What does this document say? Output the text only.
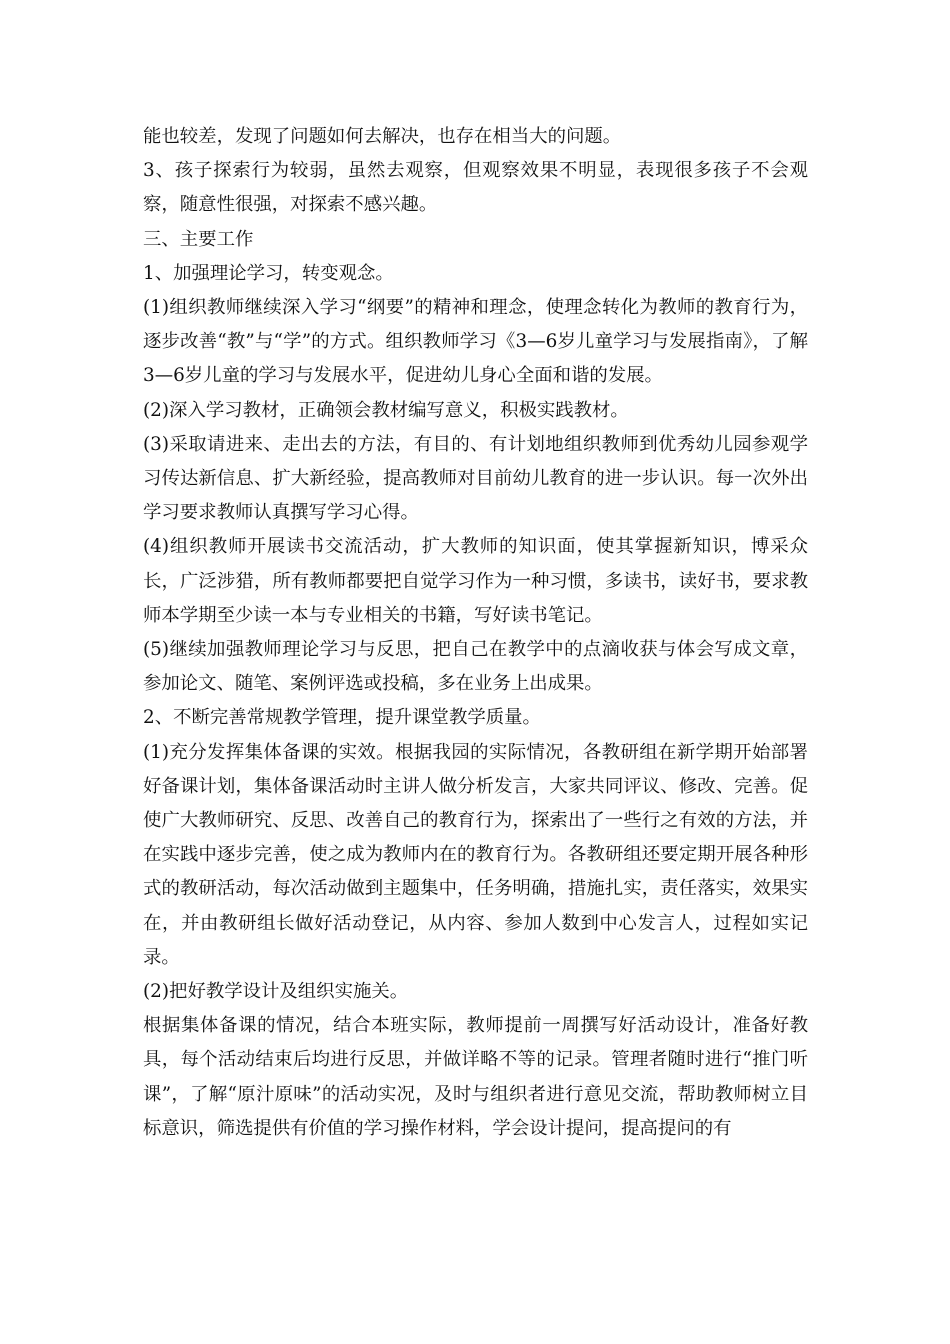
能也较差，发现了问题如何去解决，也存在相当大的问题。

3、孩子探索行为较弱，虽然去观察，但观察效果不明显，表现很多孩子不会观察，随意性很强，对探索不感兴趣。

三、主要工作

1、加强理论学习，转变观念。

(1)组织教师继续深入学习“纲要”的精神和理念，使理念转化为教师的教育行为，逐步改善“教”与“学”的方式。组织教师学习《3—6岁儿童学习与发展指南》，了解3—6岁儿童的学习与发展水平，促进幼儿身心全面和谐的发展。

(2)深入学习教材，正确领会教材编写意义，积极实践教材。

(3)采取请进来、走出去的方法，有目的、有计划地组织教师到优秀幼儿园参观学习传达新信息、扩大新经验，提高教师对目前幼儿教育的进一步认识。每一次外出学习要求教师认真撰写学习心得。

(4)组织教师开展读书交流活动，扩大教师的知识面，使其掌握新知识，博采众长，广泛涉猎，所有教师都要把自觉学习作为一种习惯，多读书，读好书，要求教师本学期至少读一本与专业相关的书籍，写好读书笔记。

(5)继续加强教师理论学习与反思，把自己在教学中的点滴收获与体会写成文章，参加论文、随笔、案例评选或投稿，多在业务上出成果。

2、不断完善常规教学管理，提升课堂教学质量。

(1)充分发挥集体备课的实效。根据我园的实际情况，各教研组在新学期开始部署好备课计划，集体备课活动时主讲人做分析发言，大家共同评议、修改、完善。促使广大教师研究、反思、改善自己的教育行为，探索出了一些行之有效的方法，并在实践中逐步完善，使之成为教师内在的教育行为。各教研组还要定期开展各种形式的教研活动，每次活动做到主题集中，任务明确，措施扎实，责任落实，效果实在，并由教研组长做好活动登记，从内容、参加人数到中心发言人，过程如实记录。

(2)把好教学设计及组织实施关。

根据集体备课的情况，结合本班实际，教师提前一周撰写好活动设计，准备好教具，每个活动结束后均进行反思，并做详略不等的记录。管理者随时进行“推门听课”，了解“原汁原味”的活动实况，及时与组织者进行意见交流，帮助教师树立目标意识，筛选提供有价值的学习操作材料，学会设计提问，提高提问的有
